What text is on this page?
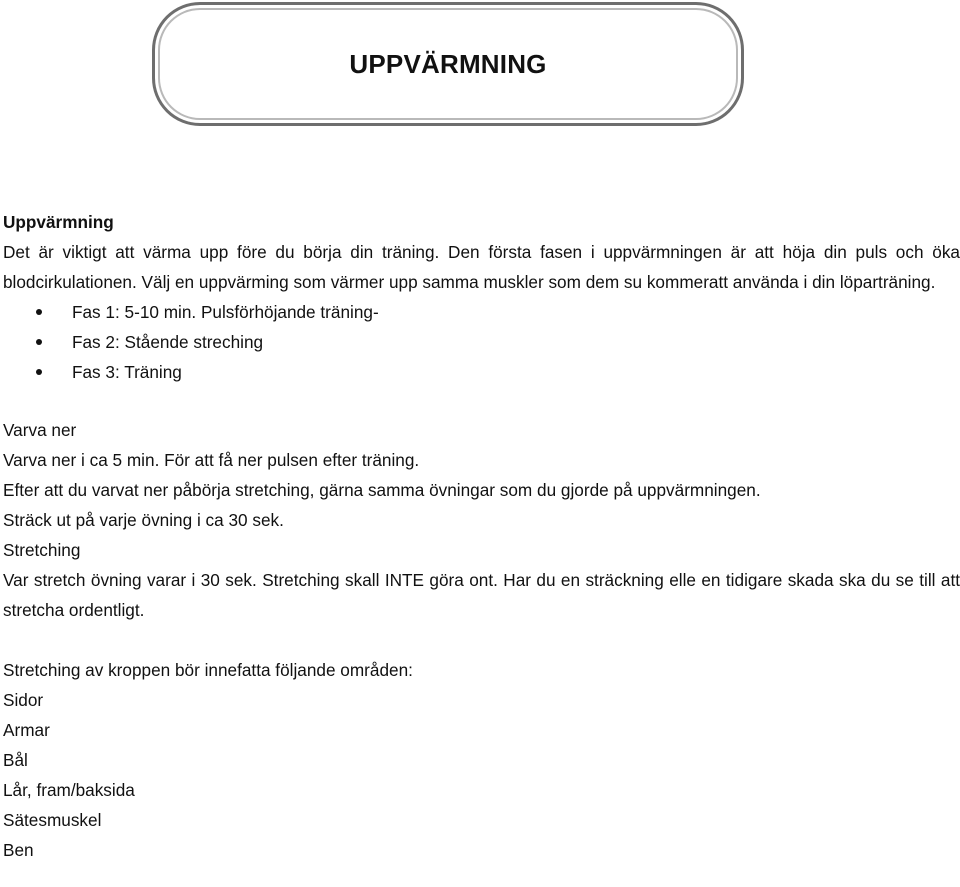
UPPVÄRMNING

Uppvärmning

Det är viktigt att värma upp före du börja din träning. Den första fasen i uppvärmningen är att höja din puls och öka blodcirkulationen. Välj en uppvärming som värmer upp samma muskler som dem su kommeratt använda i din löparträning.

Fas 1: 5-10 min. Pulsförhöjande träning-
Fas 2: Stående streching
Fas 3: Träning

Varva ner

Varva ner i ca 5 min. För att få ner pulsen efter träning.

Efter att du varvat ner påbörja stretching, gärna samma övningar som du gjorde på uppvärmningen.

Sträck ut på varje övning i ca 30 sek.

Stretching

Var stretch övning varar i 30 sek. Stretching skall INTE göra ont. Har du en sträckning elle en tidigare skada ska du se till att stretcha ordentligt.

Stretching av kroppen bör innefatta följande områden:

Sidor

Armar

Bål

Lår, fram/baksida

Sätesmuskel

Ben
